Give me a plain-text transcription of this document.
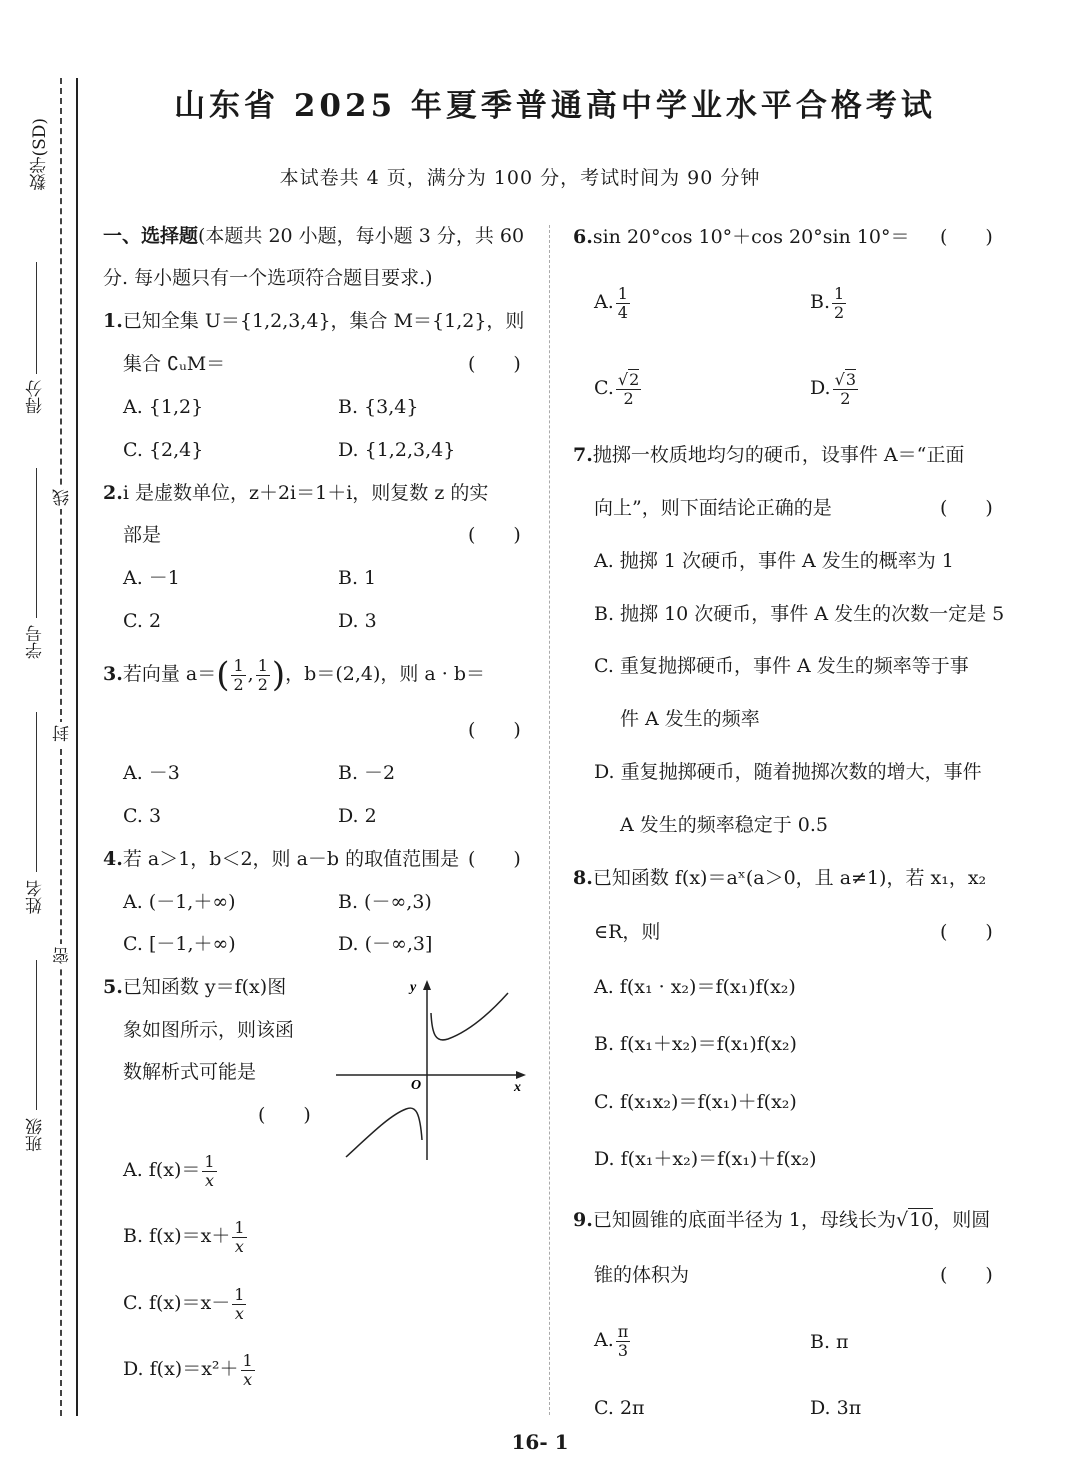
山东省 2025 年夏季普通高中学业水平合格考试
本试卷共 4 页，满分为 100 分，考试时间为 90 分钟
数学(SD)
得分
学号
姓名
班级
线
封
密
一、选择题(本题共 20 小题，每小题 3 分，共 60
分. 每小题只有一个选项符合题目要求.)
1.已知全集 U＝{1,2,3,4}，集合 M＝{1,2}，则
集合 ∁ᵤM＝	(　　)
A. {1,2}	B. {3,4}
C. {2,4}	D. {1,2,3,4}
2.i 是虚数单位，z＋2i＝1＋i，则复数 z 的实
部是	(　　)
A. －1	B. 1
C. 2	D. 3
3.若向量 $a=( \frac{1}{2}$ , $\frac{1}{2}$ )，b＝(2,4)，则 a · b＝
(　　)
A. －3	B. －2
C. 3	D. 2
4.若 a＞1，b＜2，则 a－b 的取值范围是 (　　)
A. (－1,＋∞)	B. (－∞,3)
C. [－1,＋∞)	D. (－∞,3]
5.已知函数 y＝f(x)图
象如图所示，则该函
数解析式可能是
(　　)
y
x
O
A. $f(x)= \frac{1}{x}$
B. $f(x)=x+ \frac{1}{x}$
C. $f(x)=x- \frac{1}{x}$
D. $f(x)=x^2+ \frac{1}{x}$
6.sin 20°cos 10°＋cos 20°sin 10°＝ (　　)
A. $\frac{1}{4}$	B. $\frac{1}{2}$
C. $\frac{√2}{2}$	D. $\frac{√3}{2}$
7.抛掷一枚质地均匀的硬币，设事件 A＝“正面
向上”，则下面结论正确的是	(　　)
A. 抛掷 1 次硬币，事件 A 发生的概率为 1
B. 抛掷 10 次硬币，事件 A 发生的次数一定是 5
C. 重复抛掷硬币，事件 A 发生的频率等于事
件 A 发生的频率
D. 重复抛掷硬币，随着抛掷次数的增大，事件
A 发生的频率稳定于 0.5
8.已知函数 f(x)＝aˣ(a＞0，且 a≠1)，若 x₁，x₂
∈R，则	(　　)
A. f(x₁ · x₂)＝f(x₁)f(x₂)
B. f(x₁＋x₂)＝f(x₁)f(x₂)
C. f(x₁x₂)＝f(x₁)＋f(x₂)
D. f(x₁＋x₂)＝f(x₁)＋f(x₂)
9.已知圆锥的底面半径为 1，母线长为√10，则圆
锥的体积为	(　　)
A. $\frac{\pi}{3}$	B. π
C. 2π	D. 3π
16- 1
